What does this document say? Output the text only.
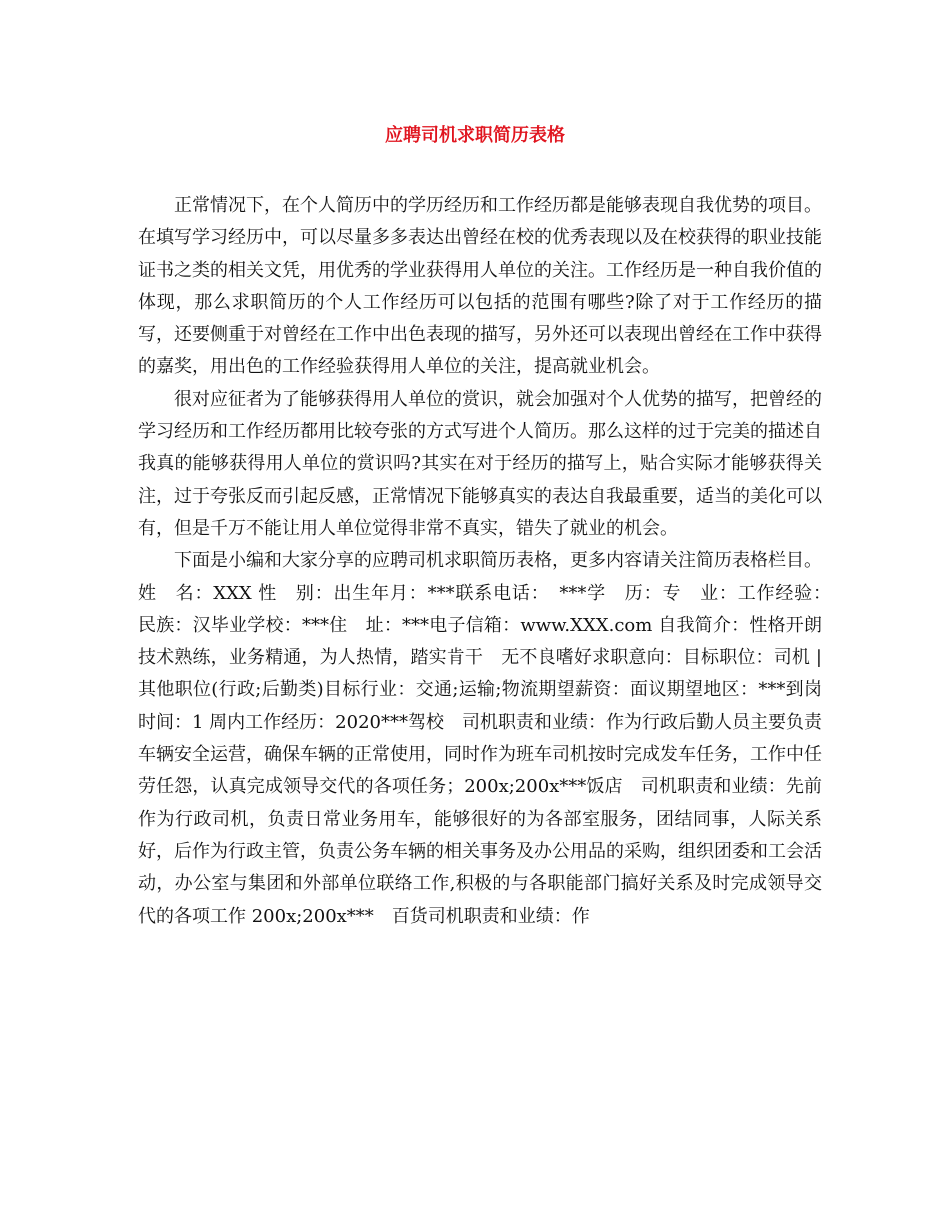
应聘司机求职简历表格

正常情况下，在个人简历中的学历经历和工作经历都是能够表现自我优势的项目。在填写学习经历中，可以尽量多多表达出曾经在校的优秀表现以及在校获得的职业技能证书之类的相关文凭，用优秀的学业获得用人单位的关注。工作经历是一种自我价值的体现，那么求职简历的个人工作经历可以包括的范围有哪些?除了对于工作经历的描写，还要侧重于对曾经在工作中出色表现的描写，另外还可以表现出曾经在工作中获得的嘉奖，用出色的工作经验获得用人单位的关注，提高就业机会。

很对应征者为了能够获得用人单位的赏识，就会加强对个人优势的描写，把曾经的学习经历和工作经历都用比较夸张的方式写进个人简历。那么这样的过于完美的描述自我真的能够获得用人单位的赏识吗?其实在对于经历的描写上，贴合实际才能够获得关注，过于夸张反而引起反感，正常情况下能够真实的表达自我最重要，适当的美化可以有，但是千万不能让用人单位觉得非常不真实，错失了就业的机会。

下面是小编和大家分享的应聘司机求职简历表格，更多内容请关注简历表格栏目。

姓　名：XXX 性　别：出生年月：***联系电话：　***学　历：专　业：工作经验：　民族：汉毕业学校：***住　址：***电子信箱：www.XXX.com 自我简介：性格开朗　技术熟练，业务精通，为人热情，踏实肯干　无不良嗜好求职意向：目标职位：司机 | 其他职位(行政;后勤类)目标行业：交通;运输;物流期望薪资：面议期望地区：***到岗时间：1 周内工作经历：2020***驾校　司机职责和业绩：作为行政后勤人员主要负责车辆安全运营，确保车辆的正常使用，同时作为班车司机按时完成发车任务，工作中任劳任怨，认真完成领导交代的各项任务；200x;200x***饭店　司机职责和业绩：先前作为行政司机，负责日常业务用车，能够很好的为各部室服务，团结同事，人际关系好，后作为行政主管，负责公务车辆的相关事务及办公用品的采购，组织团委和工会活动，办公室与集团和外部单位联络工作,积极的与各职能部门搞好关系及时完成领导交代的各项工作 200x;200x***　百货司机职责和业绩：作
